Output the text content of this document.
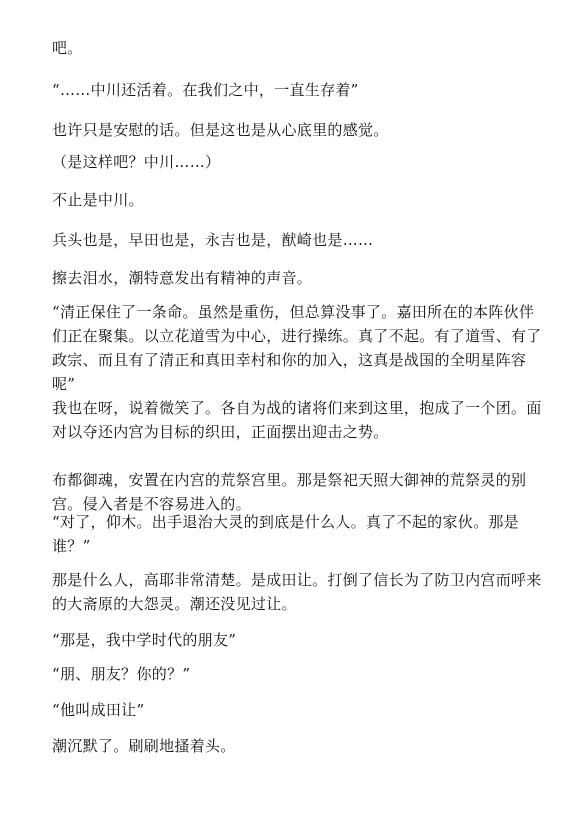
吧。

“……中川还活着。在我们之中，一直生存着”

也许只是安慰的话。但是这也是从心底里的感觉。

（是这样吧？中川……）

不止是中川。

兵头也是，早田也是，永吉也是，猷崎也是……

擦去泪水，潮特意发出有精神的声音。

“清正保住了一条命。虽然是重伤，但总算没事了。嘉田所在的本阵伙伴们正在聚集。以立花道雪为中心，进行操练。真了不起。有了道雪、有了政宗、而且有了清正和真田幸村和你的加入，这真是战国的全明星阵容呢”

我也在呀，说着微笑了。各自为战的诸将们来到这里，抱成了一个团。面对以夺还内宫为目标的织田，正面摆出迎击之势。

布都御魂，安置在内宫的荒祭宫里。那是祭祀天照大御神的荒祭灵的别宫。侵入者是不容易进入的。

“对了，仰木。出手退治大灵的到底是什么人。真了不起的家伙。那是谁？”

那是什么人，高耶非常清楚。是成田让。打倒了信长为了防卫内宫而呼来的大斋原的大怨灵。潮还没见过让。

“那是，我中学时代的朋友”

“朋、朋友？你的？”

“他叫成田让”

潮沉默了。刷刷地搔着头。
